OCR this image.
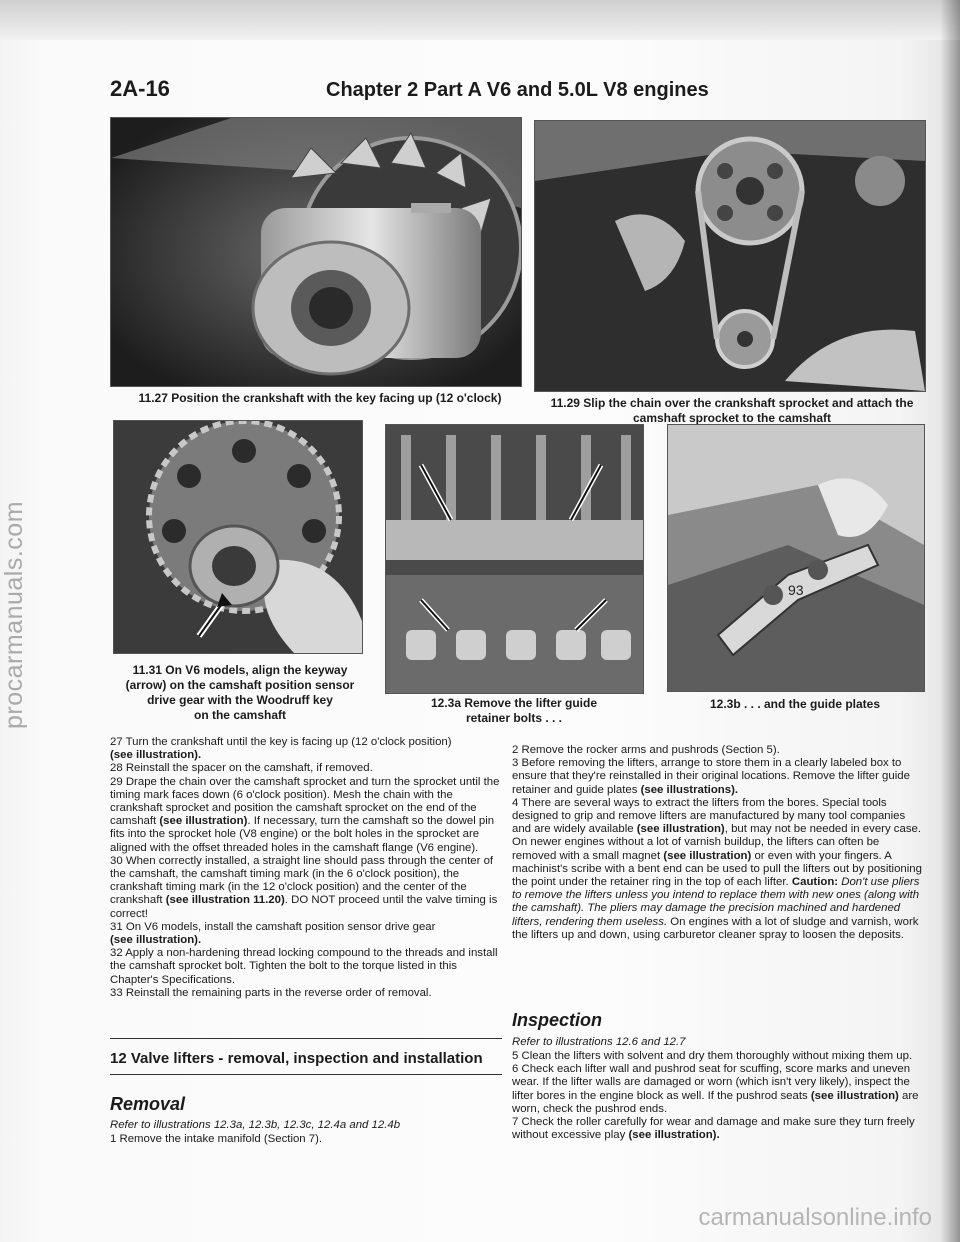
procarmanuals.com
carmanualsonline.info
2A-16	Chapter 2 Part A V6 and 5.0L V8 engines
11.27 Position the crankshaft with the key facing up (12 o'clock)	11.29 Slip the chain over the crankshaft sprocket and attach the
camshaft sprocket to the camshaft
11.31 On V6 models, align the keyway
(arrow) on the camshaft position sensor
drive gear with the Woodruff key
on the camshaft
12.3a Remove the lifter guide
retainer bolts . . .
93
12.3b . . . and the guide plates

27 Turn the crankshaft until the key is facing up (12 o'clock position)
(see illustration).

28 Reinstall the spacer on the camshaft, if removed.

29 Drape the chain over the camshaft sprocket and turn the sprocket until the timing mark faces down (6 o'clock position). Mesh the chain with the crankshaft sprocket and position the camshaft sprocket on the end of the camshaft (see illustration). If necessary, turn the camshaft so the dowel pin fits into the sprocket hole (V8 engine) or the bolt holes in the sprocket are aligned with the offset threaded holes in the camshaft flange (V6 engine).

30 When correctly installed, a straight line should pass through the center of the camshaft, the camshaft timing mark (in the 6 o'clock position), the crankshaft timing mark (in the 12 o'clock position) and the center of the crankshaft (see illustration 11.20). DO NOT proceed until the valve timing is correct!

31 On V6 models, install the camshaft position sensor drive gear
(see illustration).

32 Apply a non-hardening thread locking compound to the threads and install the camshaft sprocket bolt. Tighten the bolt to the torque listed in this Chapter's Specifications.

33 Reinstall the remaining parts in the reverse order of removal.

12 Valve lifters - removal, inspection and installation
Removal
Refer to illustrations 12.3a, 12.3b, 12.3c, 12.4a and 12.4b
1 Remove the intake manifold (Section 7).

2 Remove the rocker arms and pushrods (Section 5).

3 Before removing the lifters, arrange to store them in a clearly labeled box to ensure that they're reinstalled in their original locations. Remove the lifter guide retainer and guide plates (see illustrations).

4 There are several ways to extract the lifters from the bores. Special tools designed to grip and remove lifters are manufactured by many tool companies and are widely available (see illustration), but may not be needed in every case. On newer engines without a lot of varnish buildup, the lifters can often be removed with a small magnet (see illustration) or even with your fingers. A machinist's scribe with a bent end can be used to pull the lifters out by positioning the point under the retainer ring in the top of each lifter. Caution: Don't use pliers to remove the lifters unless you intend to replace them with new ones (along with the camshaft). The pliers may damage the precision machined and hardened lifters, rendering them useless. On engines with a lot of sludge and varnish, work the lifters up and down, using carburetor cleaner spray to loosen the deposits.

Inspection
Refer to illustrations 12.6 and 12.7

5 Clean the lifters with solvent and dry them thoroughly without mixing them up.

6 Check each lifter wall and pushrod seat for scuffing, score marks and uneven wear. If the lifter walls are damaged or worn (which isn't very likely), inspect the lifter bores in the engine block as well. If the pushrod seats (see illustration) are worn, check the pushrod ends.

7 Check the roller carefully for wear and damage and make sure they turn freely without excessive play (see illustration).
